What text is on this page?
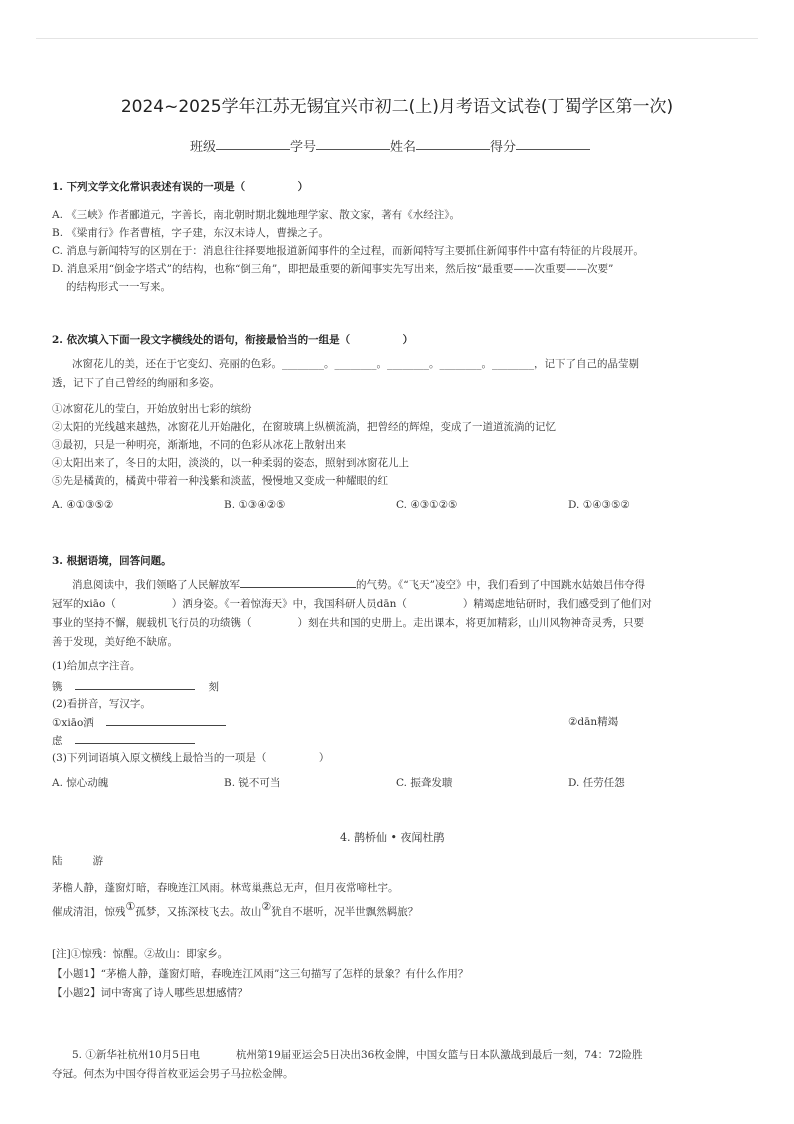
2024~2025学年江苏无锡宜兴市初二(上)月考语文试卷(丁蜀学区第一次)
班级	学号	姓名	得分
1. 下列文学文化常识表述有误的一项是（　　　　　）
A. 《三峡》作者郦道元，字善长，南北朝时期北魏地理学家、散文家，著有《水经注》。
B. 《梁甫行》作者曹植，字子建，东汉末诗人，曹操之子。
C. 消息与新闻特写的区别在于：消息往往择要地报道新闻事件的全过程，而新闻特写主要抓住新闻事件中富有特征的片段展开。
D. 消息采用“倒金字塔式”的结构，也称“倒三角”，即把最重要的新闻事实先写出来，然后按“最重要——次重要——次要”
的结构形式一一写来。
2. 依次填入下面一段文字横线处的语句，衔接最恰当的一组是（　　　　　）
冰窗花儿的美，还在于它变幻、亮丽的色彩。________。________。________。________。________，记下了自己的晶莹剔
透，记下了自己曾经的绚丽和多姿。
①冰窗花儿的莹白，开始放射出七彩的缤纷
②太阳的光线越来越热，冰窗花儿开始融化，在窗玻璃上纵横流淌，把曾经的辉煌，变成了一道道流淌的记忆
③最初，只是一种明亮，渐渐地，不同的色彩从冰花上散射出来
④太阳出来了，冬日的太阳，淡淡的，以一种柔弱的姿态，照射到冰窗花儿上
⑤先是橘黄的，橘黄中带着一种浅紫和淡蓝，慢慢地又变成一种耀眼的红
A. ④①③⑤②	B. ①③④②⑤	C. ④③①②⑤	D. ①④③⑤②
3. 根据语境，回答问题。
消息阅读中，我们领略了人民解放军	的气势。《“飞天”凌空》中，我们看到了中国跳水姑娘吕伟夺得
冠军的xiāo（	）洒身姿。《一着惊海天》中，我国科研人员dān（	）精竭虑地钻研时，我们感受到了他们对
事业的坚持不懈，舰载机飞行员的功绩镌（	）刻在共和国的史册上。走出课本，将更加精彩，山川风物神奇灵秀，只要
善于发现，美好绝不缺席。
(1)给加点字注音。
镌	刻
(2)看拼音，写汉字。
①xiāo洒	②dān精竭
虑
(3)下列词语填入原文横线上最恰当的一项是（　　　　　）
A. 惊心动魄	B. 锐不可当	C. 振聋发聩	D. 任劳任怨
4. 鹊桥仙 • 夜闻杜鹃
陆	游
茅檐人静，蓬窗灯暗，春晚连江风雨。林莺巢燕总无声，但月夜常啼杜宇。
催成清泪，惊残①孤梦，又拣深枝飞去。故山②犹自不堪听，况半世飘然羁旅？
[注]①惊残：惊醒。②故山：即家乡。
【小题1】“茅檐人静，蓬窗灯暗，春晚连江风雨”这三句描写了怎样的景象？有什么作用？
【小题2】词中寄寓了诗人哪些思想感情？
5. ①新华社杭州10月5日电	杭州第19届亚运会5日决出36枚金牌，中国女篮与日本队激战到最后一刻，74：72险胜
夺冠。何杰为中国夺得首枚亚运会男子马拉松金牌。
